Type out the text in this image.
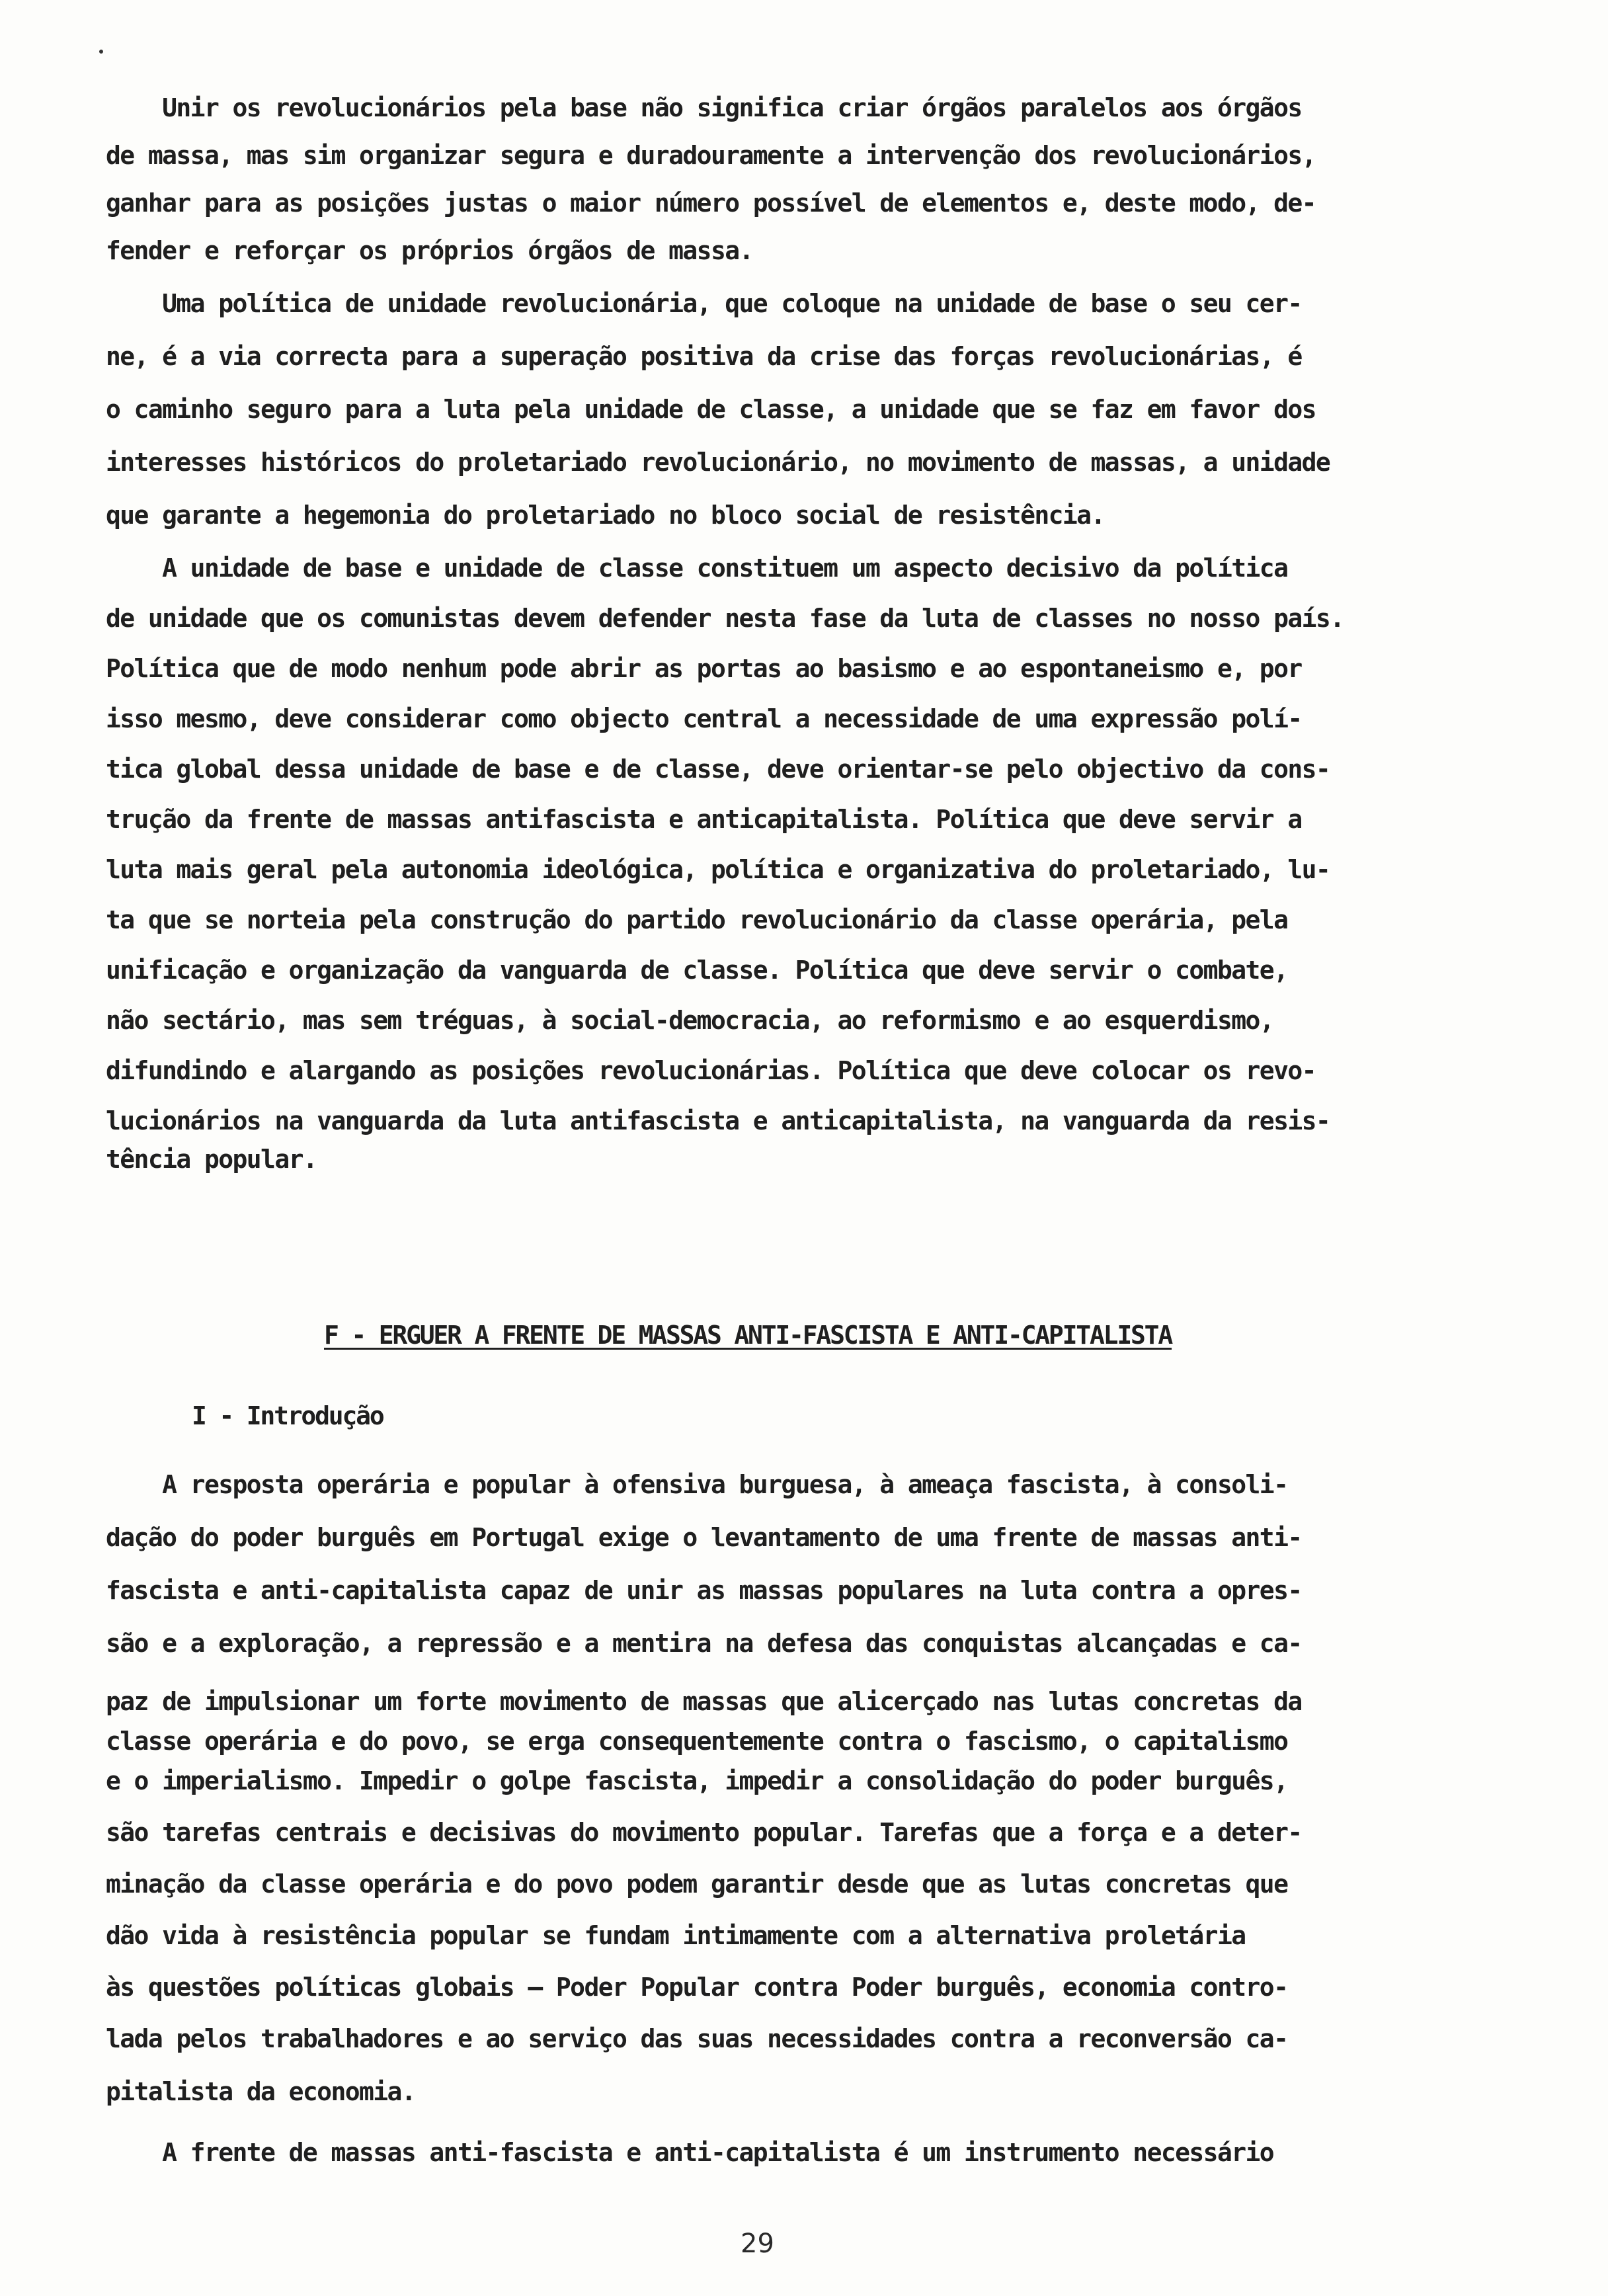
Unir os revolucionários pela base não significa criar órgãos paralelos aos órgãos
de massa, mas sim organizar segura e duradouramente a intervenção dos revolucionários,
ganhar para as posições justas o maior número possível de elementos e, deste modo, de-
fender e reforçar os próprios órgãos de massa.
Uma política de unidade revolucionária, que coloque na unidade de base o seu cer-
ne, é a via correcta para a superação positiva da crise das forças revolucionárias, é
o caminho seguro para a luta pela unidade de classe, a unidade que se faz em favor dos
interesses históricos do proletariado revolucionário, no movimento de massas, a unidade
que garante a hegemonia do proletariado no bloco social de resistência.
A unidade de base e unidade de classe constituem um aspecto decisivo da política
de unidade que os comunistas devem defender nesta fase da luta de classes no nosso país.
Política que de modo nenhum pode abrir as portas ao basismo e ao espontaneismo e, por
isso mesmo, deve considerar como objecto central a necessidade de uma expressão polí-
tica global dessa unidade de base e de classe, deve orientar-se pelo objectivo da cons-
trução da frente de massas antifascista e anticapitalista. Política que deve servir a
luta mais geral pela autonomia ideológica, política e organizativa do proletariado, lu-
ta que se norteia pela construção do partido revolucionário da classe operária, pela
unificação e organização da vanguarda de classe. Política que deve servir o combate,
não sectário, mas sem tréguas, à social-democracia, ao reformismo e ao esquerdismo,
difundindo e alargando as posições revolucionárias. Política que deve colocar os revo-
lucionários na vanguarda da luta antifascista e anticapitalista, na vanguarda da resis-
tência popular.
F - ERGUER A FRENTE DE MASSAS ANTI-FASCISTA E ANTI-CAPITALISTA
I - Introdução
A resposta operária e popular à ofensiva burguesa, à ameaça fascista, à consoli-
dação do poder burguês em Portugal exige o levantamento de uma frente de massas anti-
fascista e anti-capitalista capaz de unir as massas populares na luta contra a opres-
são e a exploração, a repressão e a mentira na defesa das conquistas alcançadas e ca-
paz de impulsionar um forte movimento de massas que alicerçado nas lutas concretas da
classe operária e do povo, se erga consequentemente contra o fascismo, o capitalismo
e o imperialismo. Impedir o golpe fascista, impedir a consolidação do poder burguês,
são tarefas centrais e decisivas do movimento popular. Tarefas que a força e a deter-
minação da classe operária e do povo podem garantir desde que as lutas concretas que
dão vida à resistência popular se fundam intimamente com a alternativa proletária
às questões políticas globais — Poder Popular contra Poder burguês, economia contro-
lada pelos trabalhadores e ao serviço das suas necessidades contra a reconversão ca-
pitalista da economia.
A frente de massas anti-fascista e anti-capitalista é um instrumento necessário
29
